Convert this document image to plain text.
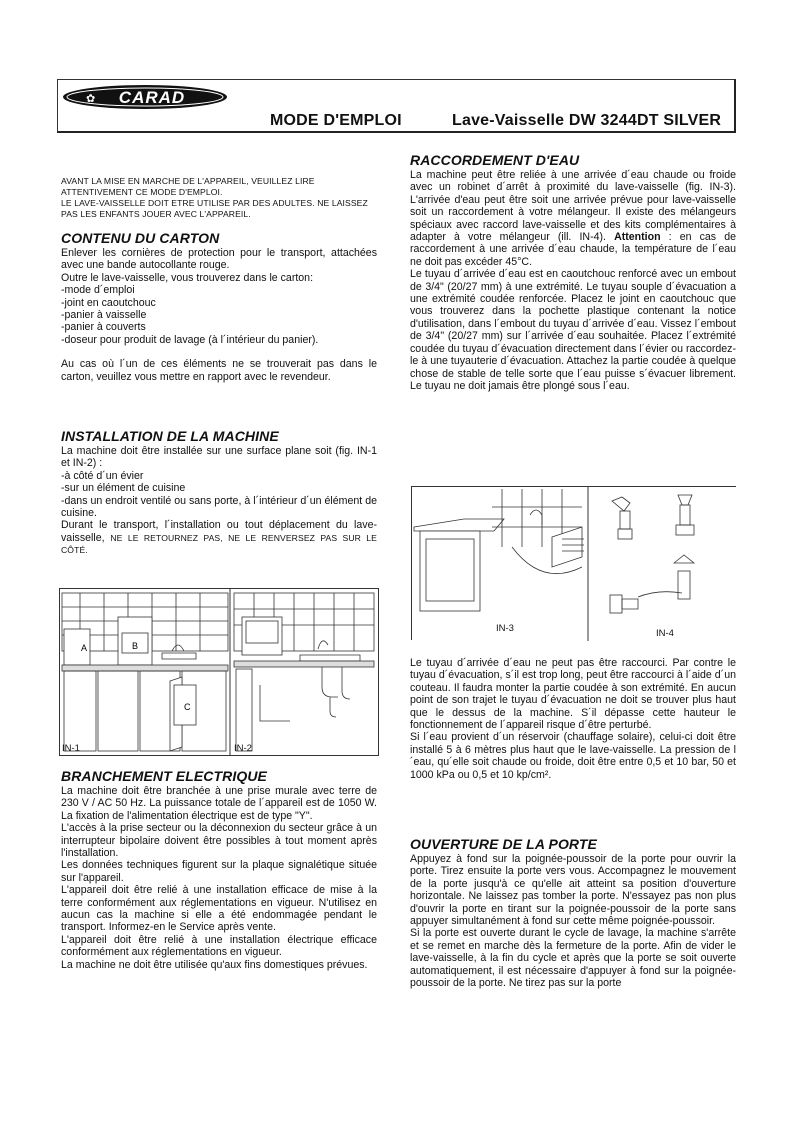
CARAD
✿
MODE D'EMPLOI	Lave-Vaisselle DW 3244DT SILVER

AVANT LA MISE EN MARCHE DE L'APPAREIL, VEUILLEZ LIRE ATTENTIVEMENT CE MODE D'EMPLOI.

LE LAVE-VAISSELLE DOIT ETRE UTILISE PAR DES ADULTES. NE LAISSEZ PAS LES ENFANTS JOUER AVEC L'APPAREIL.

CONTENU DU CARTON

Enlever les cornières de protection pour le transport, attachées avec une bande autocollante rouge.

Outre le lave-vaisselle, vous trouverez dans le carton:

-mode d´emploi

-joint en caoutchouc

-panier à vaisselle

-panier à couverts

-doseur pour produit de lavage (à l´intérieur du panier).

Au cas où l´un de ces éléments ne se trouverait pas dans le carton, veuillez vous mettre en rapport avec le revendeur.

INSTALLATION DE LA MACHINE

La machine doit être installée sur une surface plane soit (fig. IN-1 et IN-2) :

-à côté d´un évier

-sur un élément de cuisine

-dans un endroit ventilé ou sans porte, à l´intérieur d´un élément de cuisine.

Durant le transport, l´installation ou tout déplacement du lave-vaisselle, NE LE RETOURNEZ PAS, NE LE RENVERSEZ PAS SUR LE CÔTÉ.

A	B
C
IN-1	IN-2
BRANCHEMENT ELECTRIQUE

La machine doit être branchée à une prise murale avec terre de 230 V / AC 50 Hz. La puissance totale de l´appareil est de 1050 W. La fixation de l'alimentation électrique est de type "Y".

L'accès à la prise secteur ou la déconnexion du secteur grâce à un interrupteur bipolaire doivent être possibles à tout moment après l'installation.

Les données techniques figurent sur la plaque signalétique située sur l'appareil.

L'appareil doit être relié à une installation efficace de mise à la terre conformément aux réglementations en vigueur. N'utilisez en aucun cas la machine si elle a été endommagée pendant le transport. Informez-en le Service après vente.

L'appareil doit être relié à une installation électrique efficace conformément aux réglementations en vigueur.

La machine ne doit être utilisée qu'aux fins domestiques prévues.

RACCORDEMENT D'EAU

La machine peut être reliée à une arrivée d´eau chaude ou froide avec un robinet d´arrêt à proximité du lave-vaisselle (fig. IN-3). L'arrivée d'eau peut être soit une arrivée prévue pour lave-vaisselle soit un raccordement à votre mélangeur. Il existe des mélangeurs spéciaux avec raccord lave-vaisselle et des kits complémentaires à adapter à votre mélangeur (ill. IN-4). Attention : en cas de raccordement à une arrivée d´eau chaude, la température de l´eau ne doit pas excéder 45°C.

Le tuyau d´arrivée d´eau est en caoutchouc renforcé avec un embout de 3/4" (20/27 mm) à une extrémité. Le tuyau souple d´évacuation a une extrémité coudée renforcée. Placez le joint en caoutchouc que vous trouverez dans la pochette plastique contenant la notice d'utilisation, dans l´embout du tuyau d´arrivée d´eau. Vissez l´embout de 3/4" (20/27 mm) sur l´arrivée d´eau souhaitée. Placez l´extrémité coudée du tuyau d´évacuation directement dans l´évier ou raccordez-le à une tuyauterie d´évacuation. Attachez la partie coudée à quelque chose de stable de telle sorte que l´eau puisse s´évacuer librement. Le tuyau ne doit jamais être plongé sous l´eau.

IN-3	IN-4

Le tuyau d´arrivée d´eau ne peut pas être raccourci. Par contre le tuyau d´évacuation, s´il est trop long, peut être raccourci à l´aide d´un couteau. Il faudra monter la partie coudée à son extrémité. En aucun point de son trajet le tuyau d´évacuation ne doit se trouver plus haut que le dessus de la machine. S´il dépasse cette hauteur le fonctionnement de l´appareil risque d´être perturbé.

Si l´eau provient d´un réservoir (chauffage solaire), celui-ci doit être installé 5 à 6 mètres plus haut que le lave-vaisselle. La pression de l´eau, qu´elle soit chaude ou froide, doit être entre 0,5 et 10 bar, 50 et 1000 kPa ou 0,5 et 10 kp/cm².

OUVERTURE DE LA PORTE

Appuyez à fond sur la poignée-poussoir de la porte pour ouvrir la porte. Tirez ensuite la porte vers vous. Accompagnez le mouvement de la porte jusqu'à ce qu'elle ait atteint sa position d'ouverture horizontale. Ne laissez pas tomber la porte. N'essayez pas non plus d'ouvrir la porte en tirant sur la poignée-poussoir de la porte sans appuyer simultanément à fond sur cette même poignée-poussoir.

Si la porte est ouverte durant le cycle de lavage, la machine s'arrête et se remet en marche dès la fermeture de la porte. Afin de vider le lave-vaisselle, à la fin du cycle et après que la porte se soit ouverte automatiquement, il est nécessaire d'appuyer à fond sur la poignée-poussoir de la porte. Ne tirez pas sur la porte
